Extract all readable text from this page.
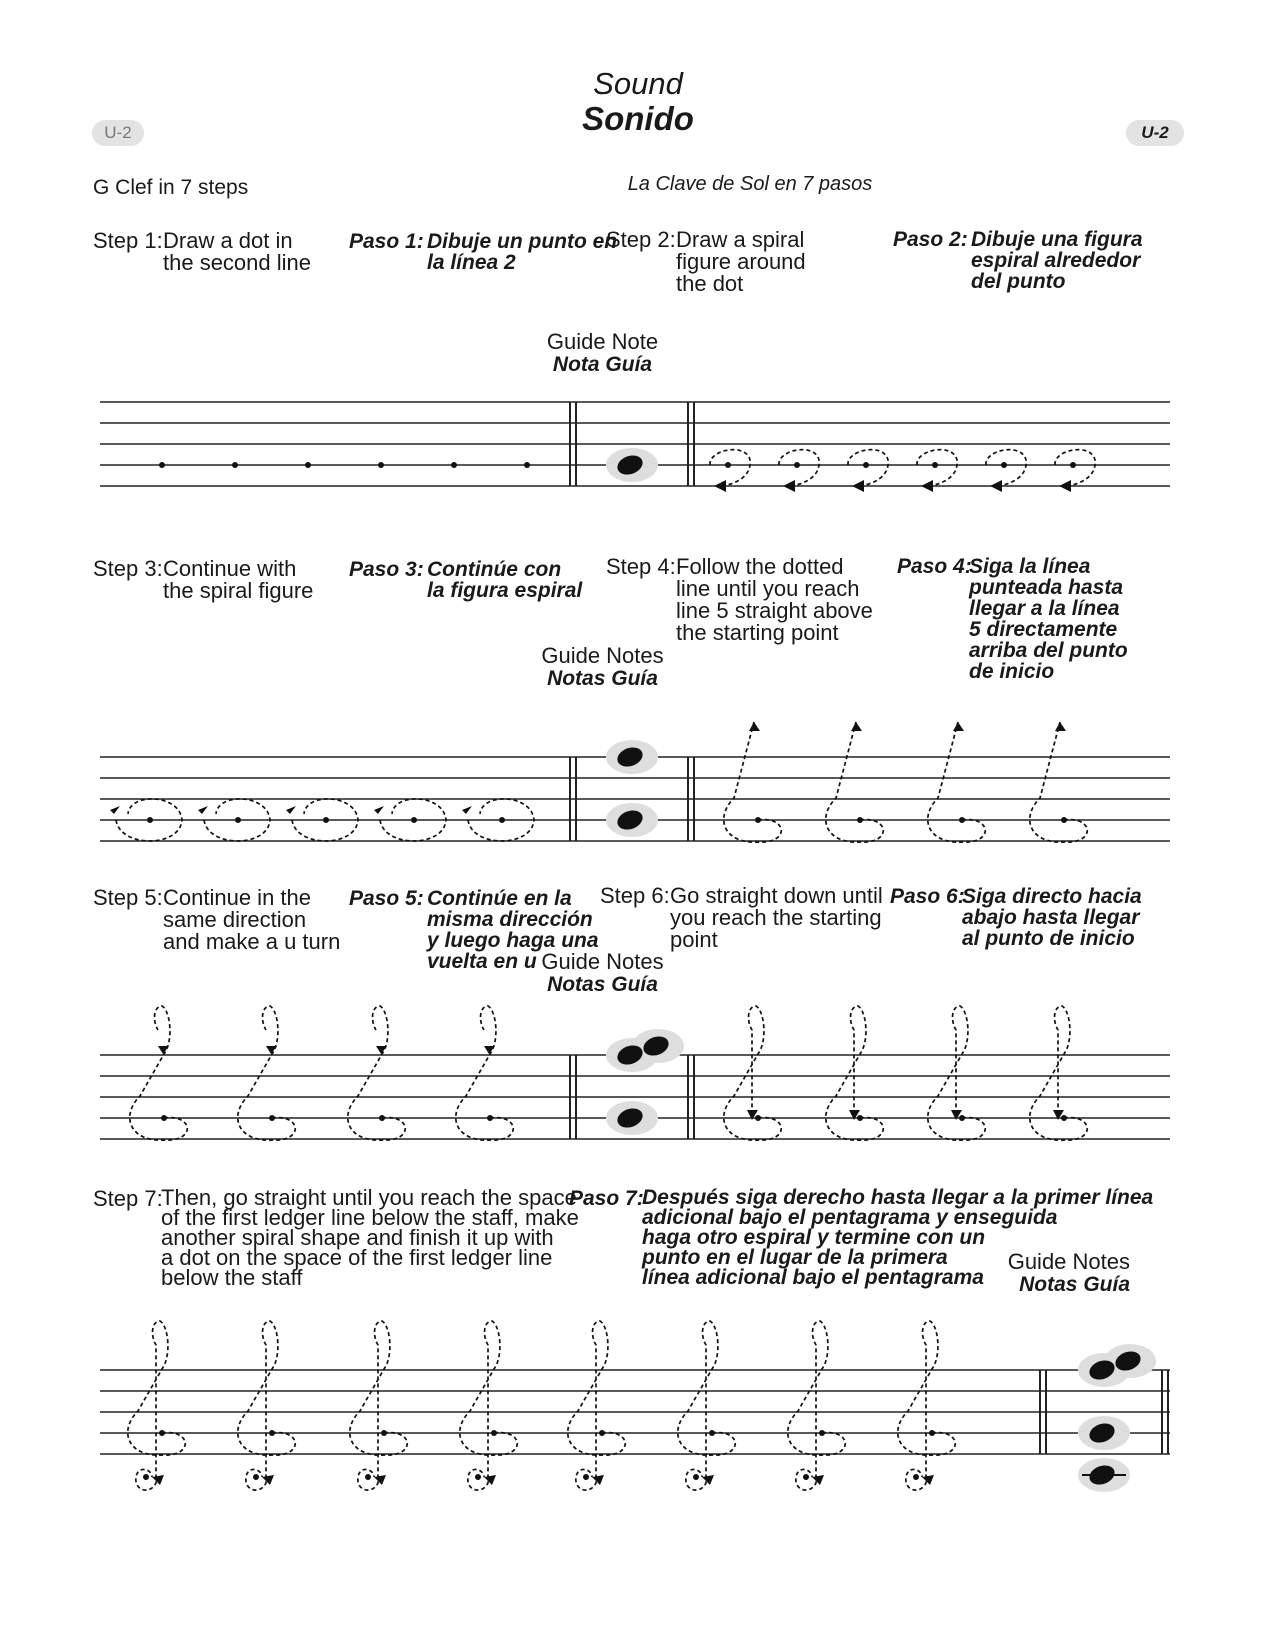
Sound
Sonido
U-2	U-2
G Clef in 7 steps	La Clave de Sol en 7 pasos
Step 1:Draw a dot in
the second line
Paso 1: Dibuje un punto en
la línea 2
Step 2:Draw a spiral
figure around
the dot
Paso 2: Dibuje una figura
espiral alrededor
del punto
Guide Note
Nota Guía
Step 3:Continue with
the spiral figure
Paso 3: Continúe con
la figura espiral
Step 4:Follow the dotted
line until you reach
line 5 straight above
the starting point
Paso 4:Siga la línea
punteada hasta
llegar a la línea
5 directamente
arriba del punto
de inicio
Guide Notes
Notas Guía
Step 5:Continue in the
same direction
and make a u turn
Paso 5: Continúe en la
misma dirección
y luego haga una
vuelta en u
Step 6:Go straight down until
you reach the starting
point
Paso 6:Siga directo hacia
abajo hasta llegar
al punto de inicio
Guide Notes
Notas Guía
Step 7:Then, go straight until you reach the space
of the first ledger line below the staff, make
another spiral shape and finish it up with
a dot on the space of the first ledger line
below the staff
Paso 7:Después siga derecho hasta llegar a la primer línea
adicional bajo el pentagrama y enseguida
haga otro espiral y termine con un
punto en el lugar de la primera
línea adicional bajo el pentagrama
Guide Notes
Notas Guía
